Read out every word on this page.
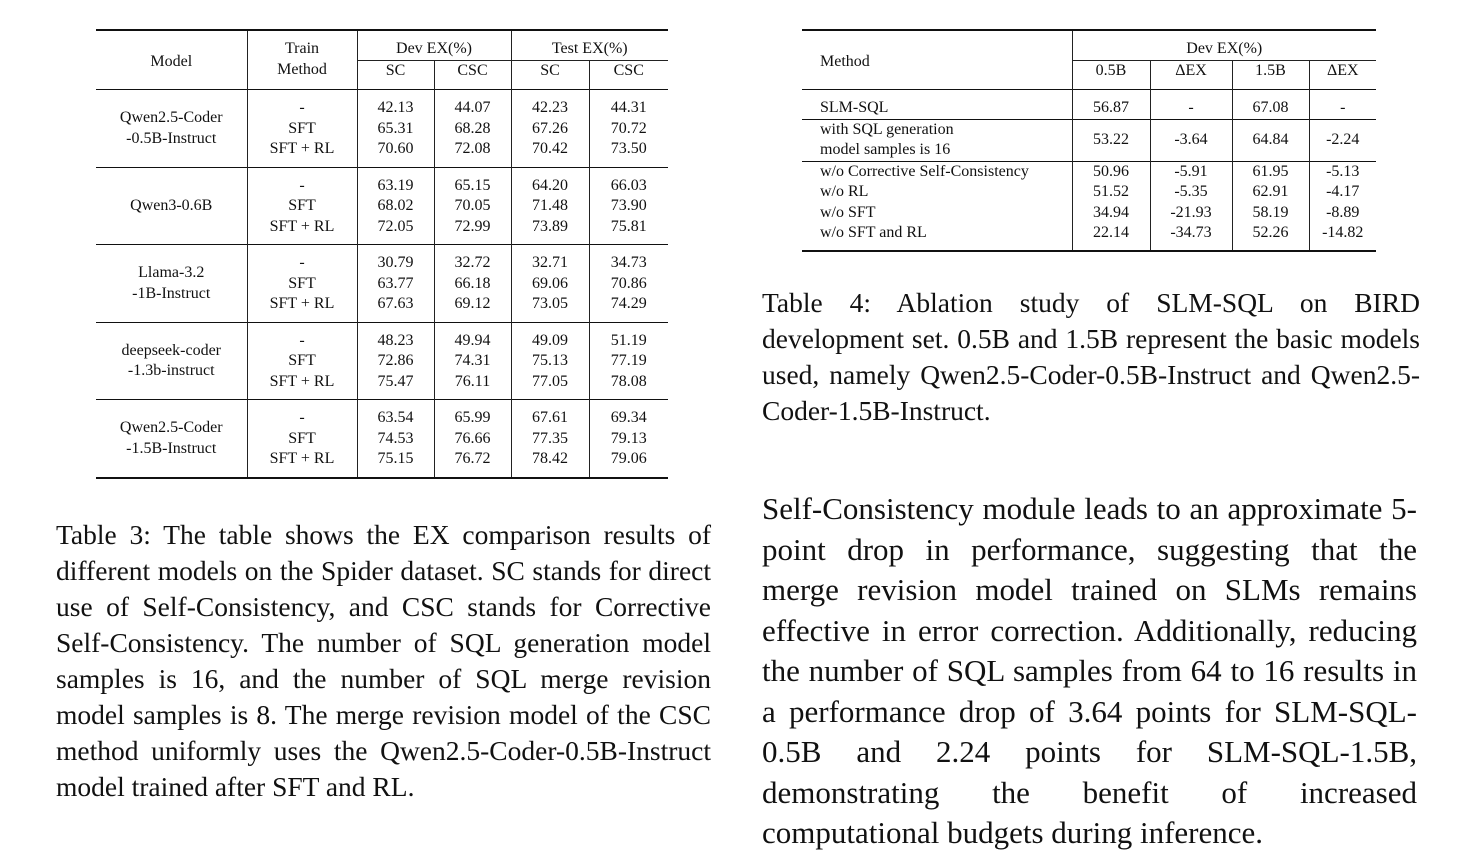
Model	Train	Dev EX(%)		Test EX(%)	
	Method	SC	CSC	SC	CSC

Qwen2.5-Coder
-0.5B-Instruct	-	42.13	44.07	42.23	44.31
	SFT	65.31	68.28	67.26	70.72
	SFT + RL	70.60	72.08	70.42	73.50

Qwen3-0.6B	-	63.19	65.15	64.20	66.03
	SFT	68.02	70.05	71.48	73.90
	SFT + RL	72.05	72.99	73.89	75.81

Llama-3.2
-1B-Instruct	-	30.79	32.72	32.71	34.73
	SFT	63.77	66.18	69.06	70.86
	SFT + RL	67.63	69.12	73.05	74.29

deepseek-coder
-1.3b-instruct	-	48.23	49.94	49.09	51.19
	SFT	72.86	74.31	75.13	77.19
	SFT + RL	75.47	76.11	77.05	78.08

Qwen2.5-Coder
-1.5B-Instruct	-	63.54	65.99	67.61	69.34
	SFT	74.53	76.66	77.35	79.13
	SFT + RL	75.15	76.72	78.42	79.06

Table 3: The table shows the EX comparison results of different models on the Spider dataset. SC stands for direct use of Self-Consistency, and CSC stands for Corrective Self-Consistency. The number of SQL generation model samples is 16, and the number of SQL merge revision model samples is 8. The merge revision model of the CSC method uniformly uses the Qwen2.5-Coder-0.5B-Instruct model trained after SFT and RL.
Method	Dev EX(%)			
	0.5B	ΔEX	1.5B	ΔEX

SLM-SQL	56.87	-	67.08	-

with SQL generation
model samples is 16	53.22	-3.64	64.84	-2.24
w/o Corrective Self-Consistency	50.96	-5.91	61.95	-5.13
w/o RL	51.52	-5.35	62.91	-4.17
w/o SFT	34.94	-21.93	58.19	-8.89
w/o SFT and RL	22.14	-34.73	52.26	-14.82
Table 4: Ablation study of SLM-SQL on BIRD development set. 0.5B and 1.5B represent the basic models used, namely Qwen2.5-Coder-0.5B-Instruct and Qwen2.5-Coder-1.5B-Instruct.
Self-Consistency module leads to an approximate 5-point drop in performance, suggesting that the merge revision model trained on SLMs remains effective in error correction. Additionally, reducing the number of SQL samples from 64 to 16 results in a performance drop of 3.64 points for SLM-SQL-0.5B and 2.24 points for SLM-SQL-1.5B, demonstrating the benefit of increased computational budgets during inference.
